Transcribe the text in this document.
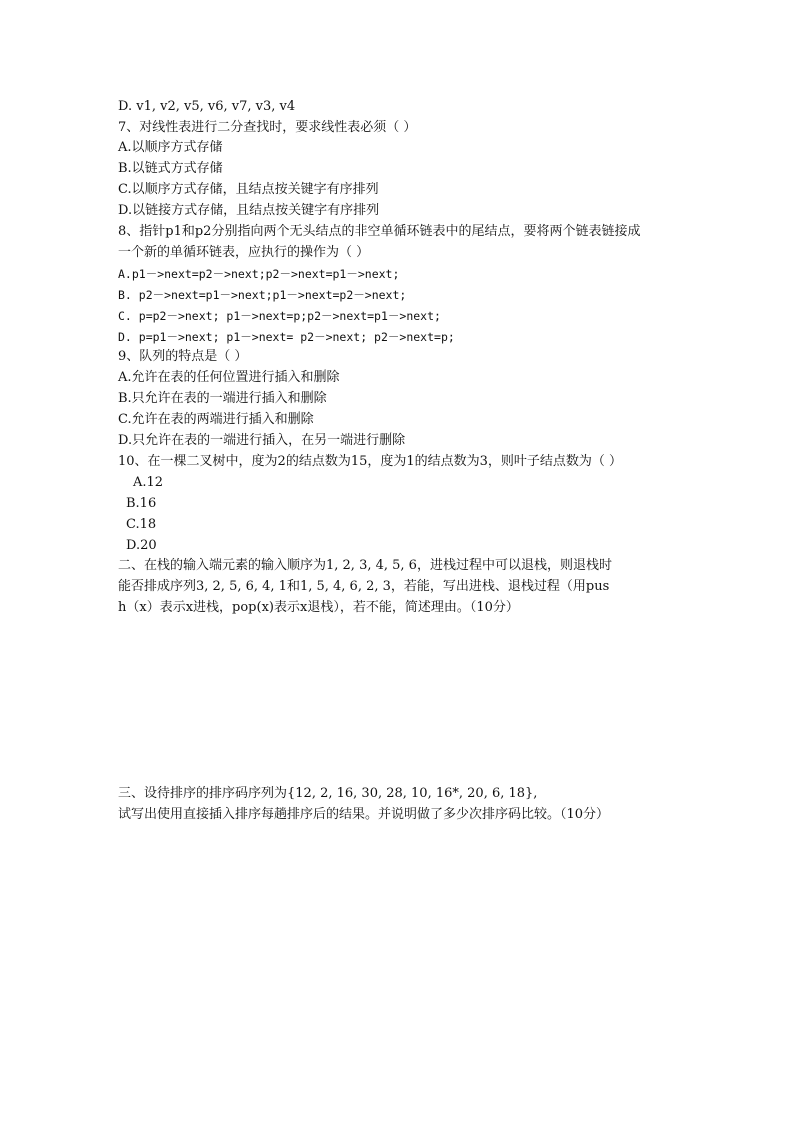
D. v1, v2, v5, v6, v7, v3, v4
7、对线性表进行二分查找时，要求线性表必须（ ）
A.以顺序方式存储
B.以链式方式存储
C.以顺序方式存储，且结点按关键字有序排列
D.以链接方式存储，且结点按关键字有序排列
8、指针p1和p2分别指向两个无头结点的非空单循环链表中的尾结点，要将两个链表链接成
一个新的单循环链表，应执行的操作为（ ）
A.p1－>next=p2－>next;p2－>next=p1－>next;
B. p2－>next=p1－>next;p1－>next=p2－>next;
C. p=p2－>next; p1－>next=p;p2－>next=p1－>next;
D. p=p1－>next; p1－>next= p2－>next; p2－>next=p;
9、队列的特点是（ ）
A.允许在表的任何位置进行插入和删除
B.只允许在表的一端进行插入和删除
C.允许在表的两端进行插入和删除
D.只允许在表的一端进行插入，在另一端进行删除
10、在一棵二叉树中，度为2的结点数为15，度为1的结点数为3，则叶子结点数为（ ）
A.12
B.16
C.18
D.20
二、在栈的输入端元素的输入顺序为1, 2, 3, 4, 5, 6，进栈过程中可以退栈，则退栈时
能否排成序列3, 2, 5, 6, 4, 1和1, 5, 4, 6, 2, 3，若能，写出进栈、退栈过程（用pus
h（x）表示x进栈，pop(x)表示x退栈），若不能，简述理由。（10分）
三、设待排序的排序码序列为{12, 2, 16, 30, 28, 10, 16*, 20, 6, 18},
试写出使用直接插入排序每趟排序后的结果。并说明做了多少次排序码比较。（10分）
